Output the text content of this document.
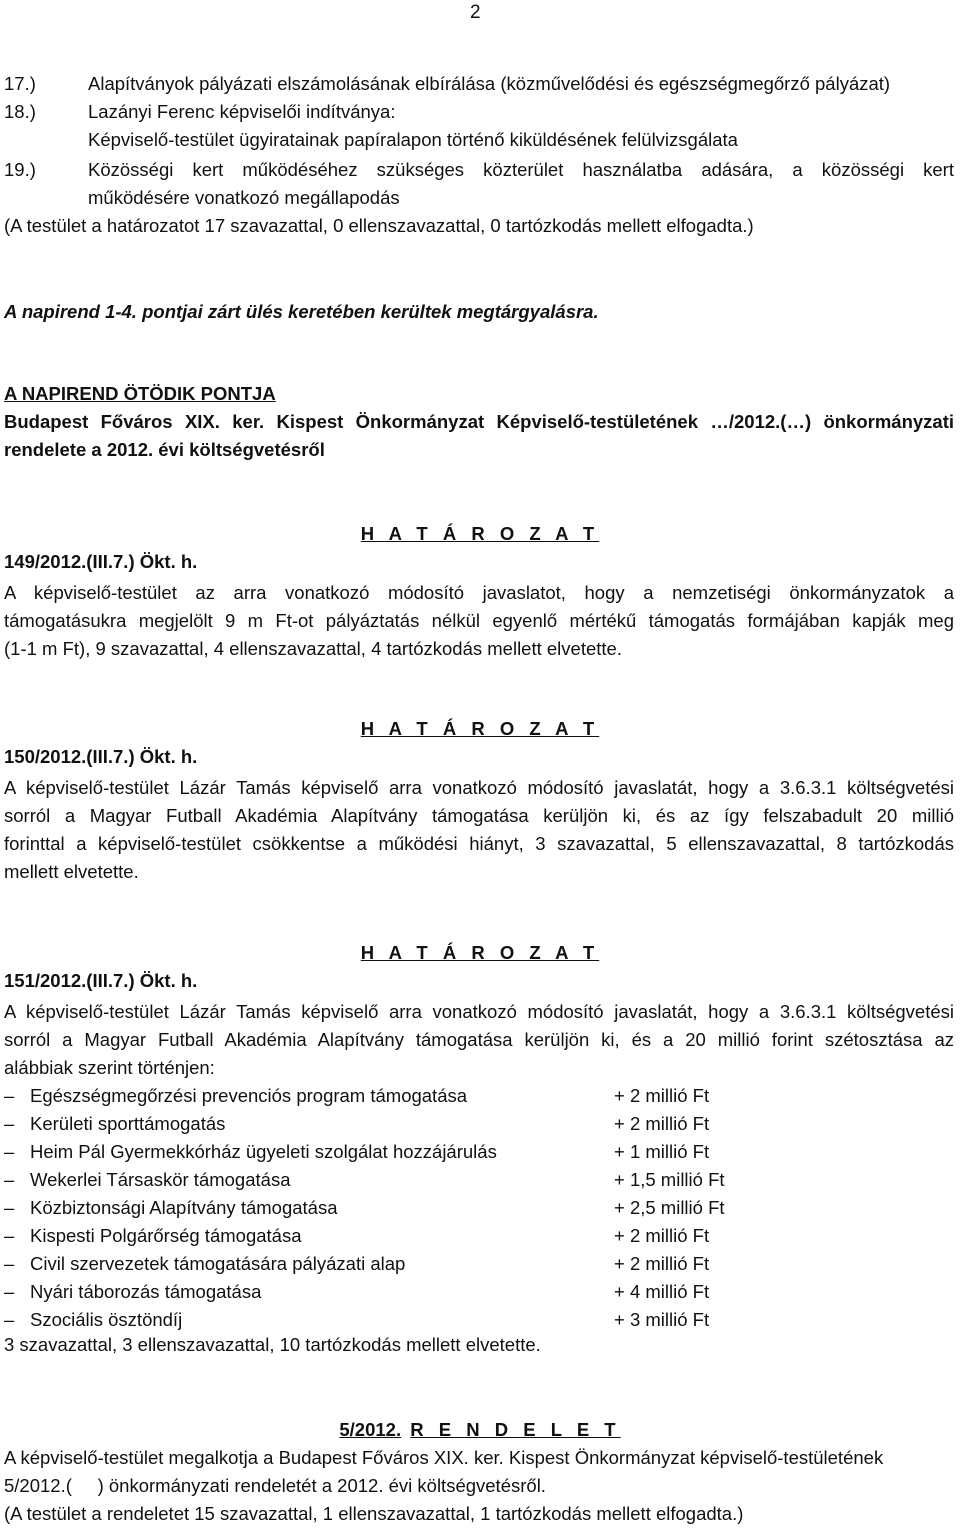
2
17.)	Alapítványok pályázati elszámolásának elbírálása (közművelődési és egészségmegőrző pályázat)
18.)	Lazányi Ferenc képviselői indítványa:
Képviselő-testület ügyiratainak papíralapon történő kiküldésének felülvizsgálata
19.)	Közösségi kert működéséhez szükséges közterület használatba adására, a közösségi kert
működésére vonatkozó megállapodás
(A testület a határozatot 17 szavazattal, 0 ellenszavazattal, 0 tartózkodás mellett elfogadta.)
A napirend 1-4. pontjai zárt ülés keretében kerültek megtárgyalásra.
A NAPIREND ÖTÖDIK PONTJA
Budapest Főváros XIX. ker. Kispest Önkormányzat Képviselő-testületének …/2012.(…) önkormányzati
rendelete a 2012. évi költségvetésről
H A T Á R O Z A T
149/2012.(III.7.) Ökt. h.
A képviselő-testület az arra vonatkozó módosító javaslatot, hogy a nemzetiségi önkormányzatok a
támogatásukra megjelölt 9 m Ft-ot pályáztatás nélkül egyenlő mértékű támogatás formájában kapják meg
(1-1 m Ft), 9 szavazattal, 4 ellenszavazattal, 4 tartózkodás mellett elvetette.
H A T Á R O Z A T
150/2012.(III.7.) Ökt. h.
A képviselő-testület Lázár Tamás képviselő arra vonatkozó módosító javaslatát, hogy a 3.6.3.1 költségvetési
sorról a Magyar Futball Akadémia Alapítvány támogatása kerüljön ki, és az így felszabadult 20 millió
forinttal a képviselő-testület csökkentse a működési hiányt, 3 szavazattal, 5 ellenszavazattal, 8 tartózkodás
mellett elvetette.
H A T Á R O Z A T
151/2012.(III.7.) Ökt. h.
A képviselő-testület Lázár Tamás képviselő arra vonatkozó módosító javaslatát, hogy a 3.6.3.1 költségvetési
sorról a Magyar Futball Akadémia Alapítvány támogatása kerüljön ki, és a 20 millió forint szétosztása az
alábbiak szerint történjen:
– Egészségmegőrzési prevenciós program támogatása	+ 2 millió Ft
– Kerületi sporttámogatás	+ 2 millió Ft
– Heim Pál Gyermekkórház ügyeleti szolgálat hozzájárulás	+ 1 millió Ft
– Wekerlei Társaskör támogatása	+ 1,5 millió Ft
– Közbiztonsági Alapítvány támogatása	+ 2,5 millió Ft
– Kispesti Polgárőrség támogatása	+ 2 millió Ft
– Civil szervezetek támogatására pályázati alap	+ 2 millió Ft
– Nyári táborozás támogatása	+ 4 millió Ft
– Szociális ösztöndíj	+ 3 millió Ft
3 szavazattal, 3 ellenszavazattal, 10 tartózkodás mellett elvetette.
5/2012. R E N D E L E T
A képviselő-testület megalkotja a Budapest Főváros XIX. ker. Kispest Önkormányzat képviselő-testületének
5/2012.(     ) önkormányzati rendeletét a 2012. évi költségvetésről.
(A testület a rendeletet 15 szavazattal, 1 ellenszavazattal, 1 tartózkodás mellett elfogadta.)
